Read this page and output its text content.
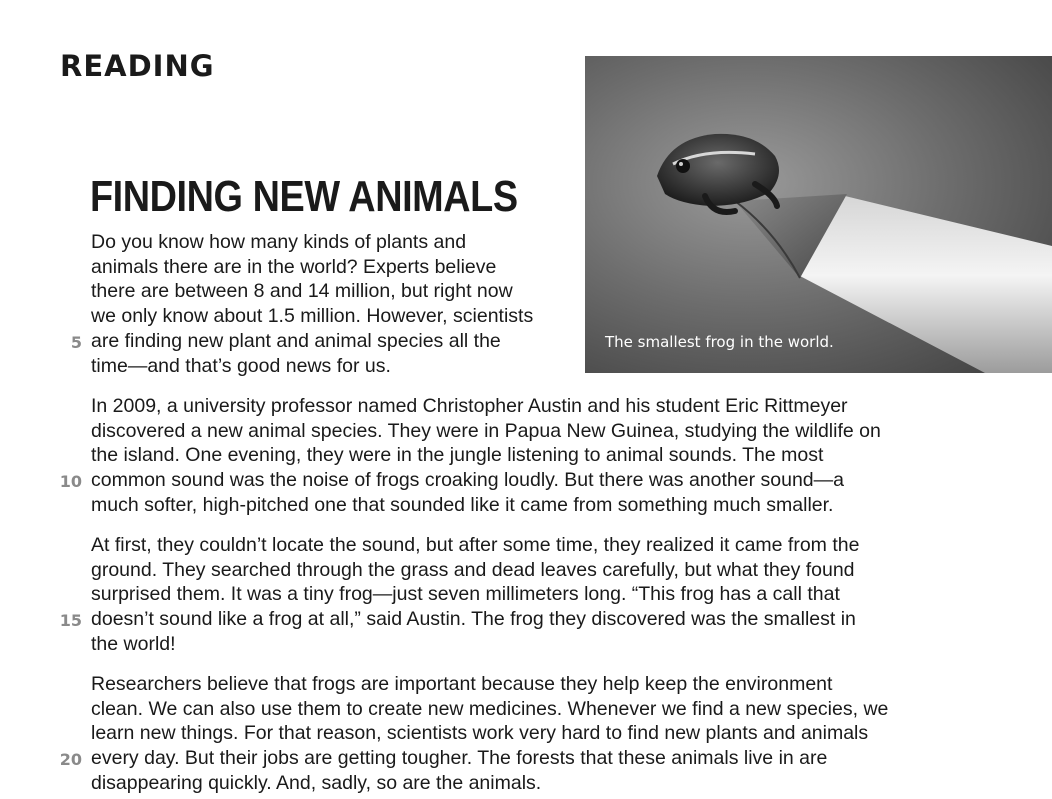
READING
The smallest frog in the world.
FINDING NEW ANIMALS
Do you know how many kinds of plants and
animals there are in the world? Experts believe
there are between 8 and 14 million, but right now
we only know about 1.5 million. However, scientists
5 are finding new plant and animal species all the
time—and that’s good news for us.
In 2009, a university professor named Christopher Austin and his student Eric Rittmeyer
discovered a new animal species. They were in Papua New Guinea, studying the wildlife on
the island. One evening, they were in the jungle listening to animal sounds. The most
10 common sound was the noise of frogs croaking loudly. But there was another sound—a
much softer, high-pitched one that sounded like it came from something much smaller.
At first, they couldn’t locate the sound, but after some time, they realized it came from the
ground. They searched through the grass and dead leaves carefully, but what they found
surprised them. It was a tiny frog—just seven millimeters long. “This frog has a call that
15 doesn’t sound like a frog at all,” said Austin. The frog they discovered was the smallest in
the world!
Researchers believe that frogs are important because they help keep the environment
clean. We can also use them to create new medicines. Whenever we find a new species, we
learn new things. For that reason, scientists work very hard to find new plants and animals
20 every day. But their jobs are getting tougher. The forests that these animals live in are
disappearing quickly. And, sadly, so are the animals.
